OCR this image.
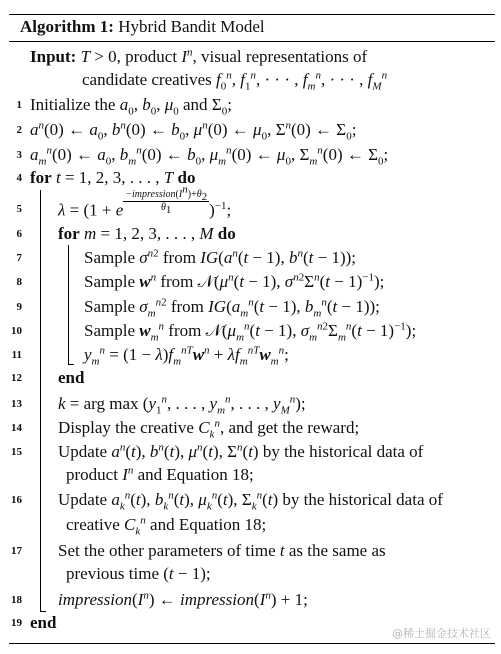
Algorithm 1: Hybrid Bandit Model
Input: T > 0, product $I^n$, visual representations of
candidate creatives $f_0^n$, $f_1^n$, · · · , $f_m^n$, · · · , $f_M^n$
1
2
3
4
5
6
7
8
9
10
11
12
13
14
15
16
17
18
19
Initialize the $a_0$, $b_0$, $\mu_0$ and $\Sigma_0$;
$a^n(0)$ ← $a_0$, $b^n(0)$ ← $b_0$, $\mu^n(0)$ ← $\mu_0$, $\Sigma^n(0)$ ← $\Sigma_0$;
$a_m^n(0)$ ← $a_0$, $b_m^n(0)$ ← $b_0$, $\mu_m^n(0)$ ← $\mu_0$, $\Sigma_m^n(0)$ ← $\Sigma_0$;
for t = 1, 2, 3, . . . , T do
λ = (1 + e $\frac{-impression(I^n)+\theta_2}{\theta_1} )^{-1}$;
for m = 1, 2, 3, . . . , M do
Sample $\sigma^{n2}$ from $IG(a^n(t - 1)$, $b^n(t - 1)$);
Sample $w^n$ from $𝒩(\mu^n(t - 1)$, $\sigma^{n2}\Sigma^n(t - 1)^{-1}$);
Sample $\sigma_m^{n2}$ from $IG(a_m^n(t - 1)$, $b_m^n(t - 1)$);
Sample $w_m^n$ from $𝒩(\mu_m^n(t - 1)$, $\sigma_m^{n2}\Sigma_m^n(t - 1)^{-1}$);
$y_m^n = (1 - \lambda)f_m^{nT}w^n + \lambda f_m^{nT}w_m^n$;
end
k = arg $\max (y_1^n$, . . . , $y_m^n$, . . . , $y_M^n$);
Display the creative $C_k^n$, and get the reward;
Update $a^n(t)$, $b^n(t)$, $\mu^n(t)$, $\Sigma^n(t)$ by the historical data of
product $I^n$ and Equation 18;
Update $a_k^n(t)$, $b_k^n(t)$, $\mu_k^n(t)$, $\Sigma_k^n(t)$ by the historical data of
creative $C_k^n$ and Equation 18;
Set the other parameters of time t as the same as
previous time (t − 1);
$impression(I^n)$ ← $impression(I^n) + 1$;
end
@稀土掘金技术社区
